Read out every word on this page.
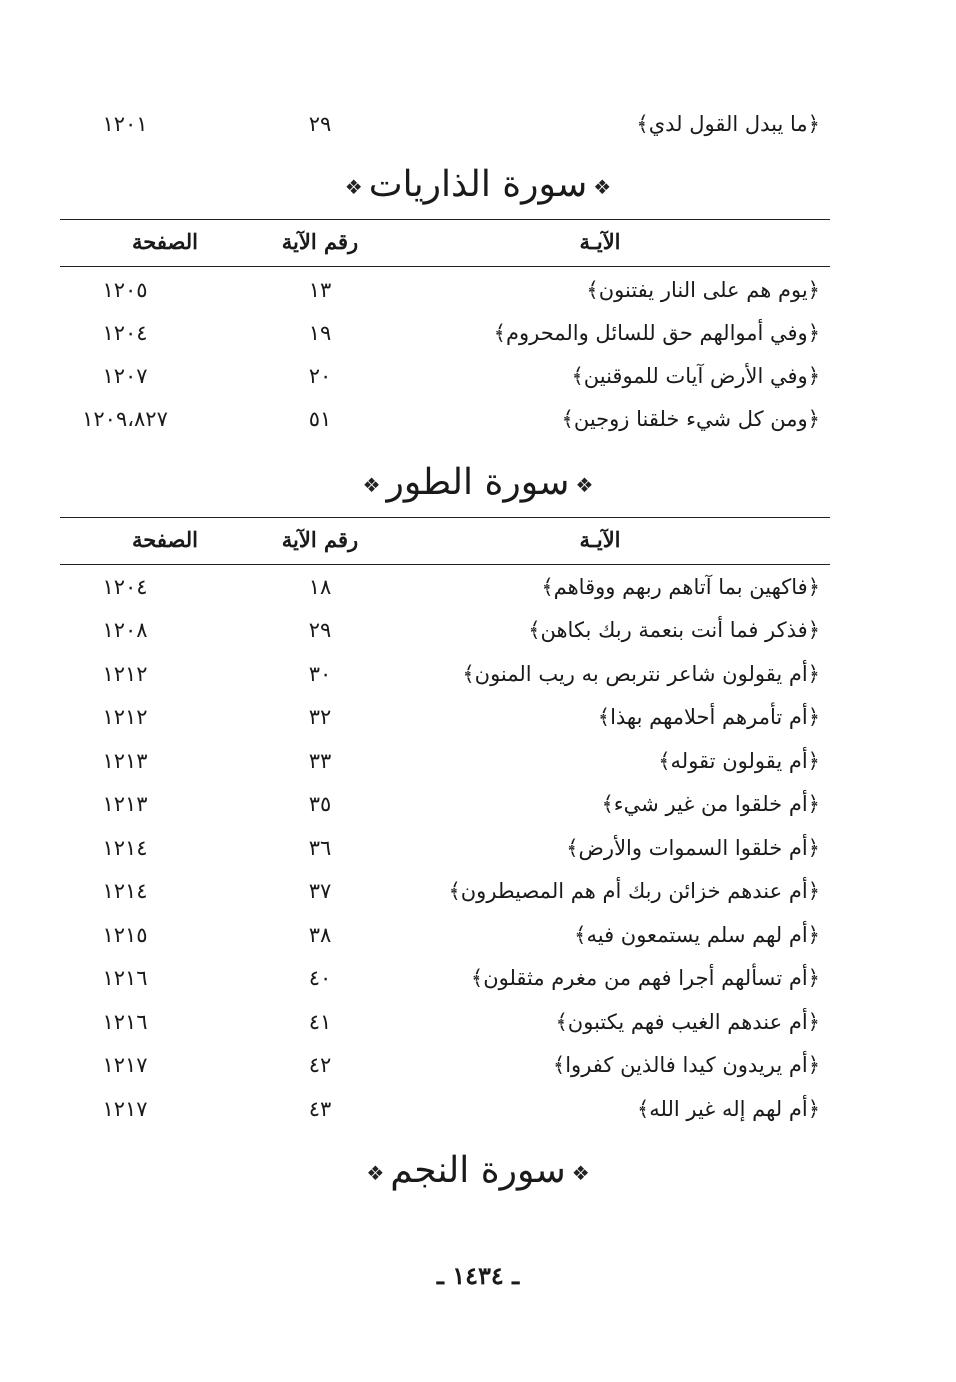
﴿ما يبدل القول لدي﴾
٢٩
١٢٠١
❖سورة الذاريات❖
الآيـة
رقم الآية
الصفحة
﴿يوم هم على النار يفتنون﴾
١٣
١٢٠٥
﴿وفي أموالهم حق للسائل والمحروم﴾
١٩
١٢٠٤
﴿وفي الأرض آيات للموقنين﴾
٢٠
١٢٠٧
﴿ومن كل شيء خلقنا زوجين﴾
٥١
١٢٠٩،٨٢٧
❖سورة الطور❖
الآيـة
رقم الآية
الصفحة
﴿فاكهين بما آتاهم ربهم ووقاهم﴾
١٨
١٢٠٤
﴿فذكر فما أنت بنعمة ربك بكاهن﴾
٢٩
١٢٠٨
﴿أم يقولون شاعر نتربص به ريب المنون﴾
٣٠
١٢١٢
﴿أم تأمرهم أحلامهم بهذا﴾
٣٢
١٢١٢
﴿أم يقولون تقوله﴾
٣٣
١٢١٣
﴿أم خلقوا من غير شيء﴾
٣٥
١٢١٣
﴿أم خلقوا السموات والأرض﴾
٣٦
١٢١٤
﴿أم عندهم خزائن ربك أم هم المصيطرون﴾
٣٧
١٢١٤
﴿أم لهم سلم يستمعون فيه﴾
٣٨
١٢١٥
﴿أم تسألهم أجرا فهم من مغرم مثقلون﴾
٤٠
١٢١٦
﴿أم عندهم الغيب فهم يكتبون﴾
٤١
١٢١٦
﴿أم يريدون كيدا فالذين كفروا﴾
٤٢
١٢١٧
﴿أم لهم إله غير الله﴾
٤٣
١٢١٧
❖سورة النجم❖
ـ ١٤٣٤ ـ
